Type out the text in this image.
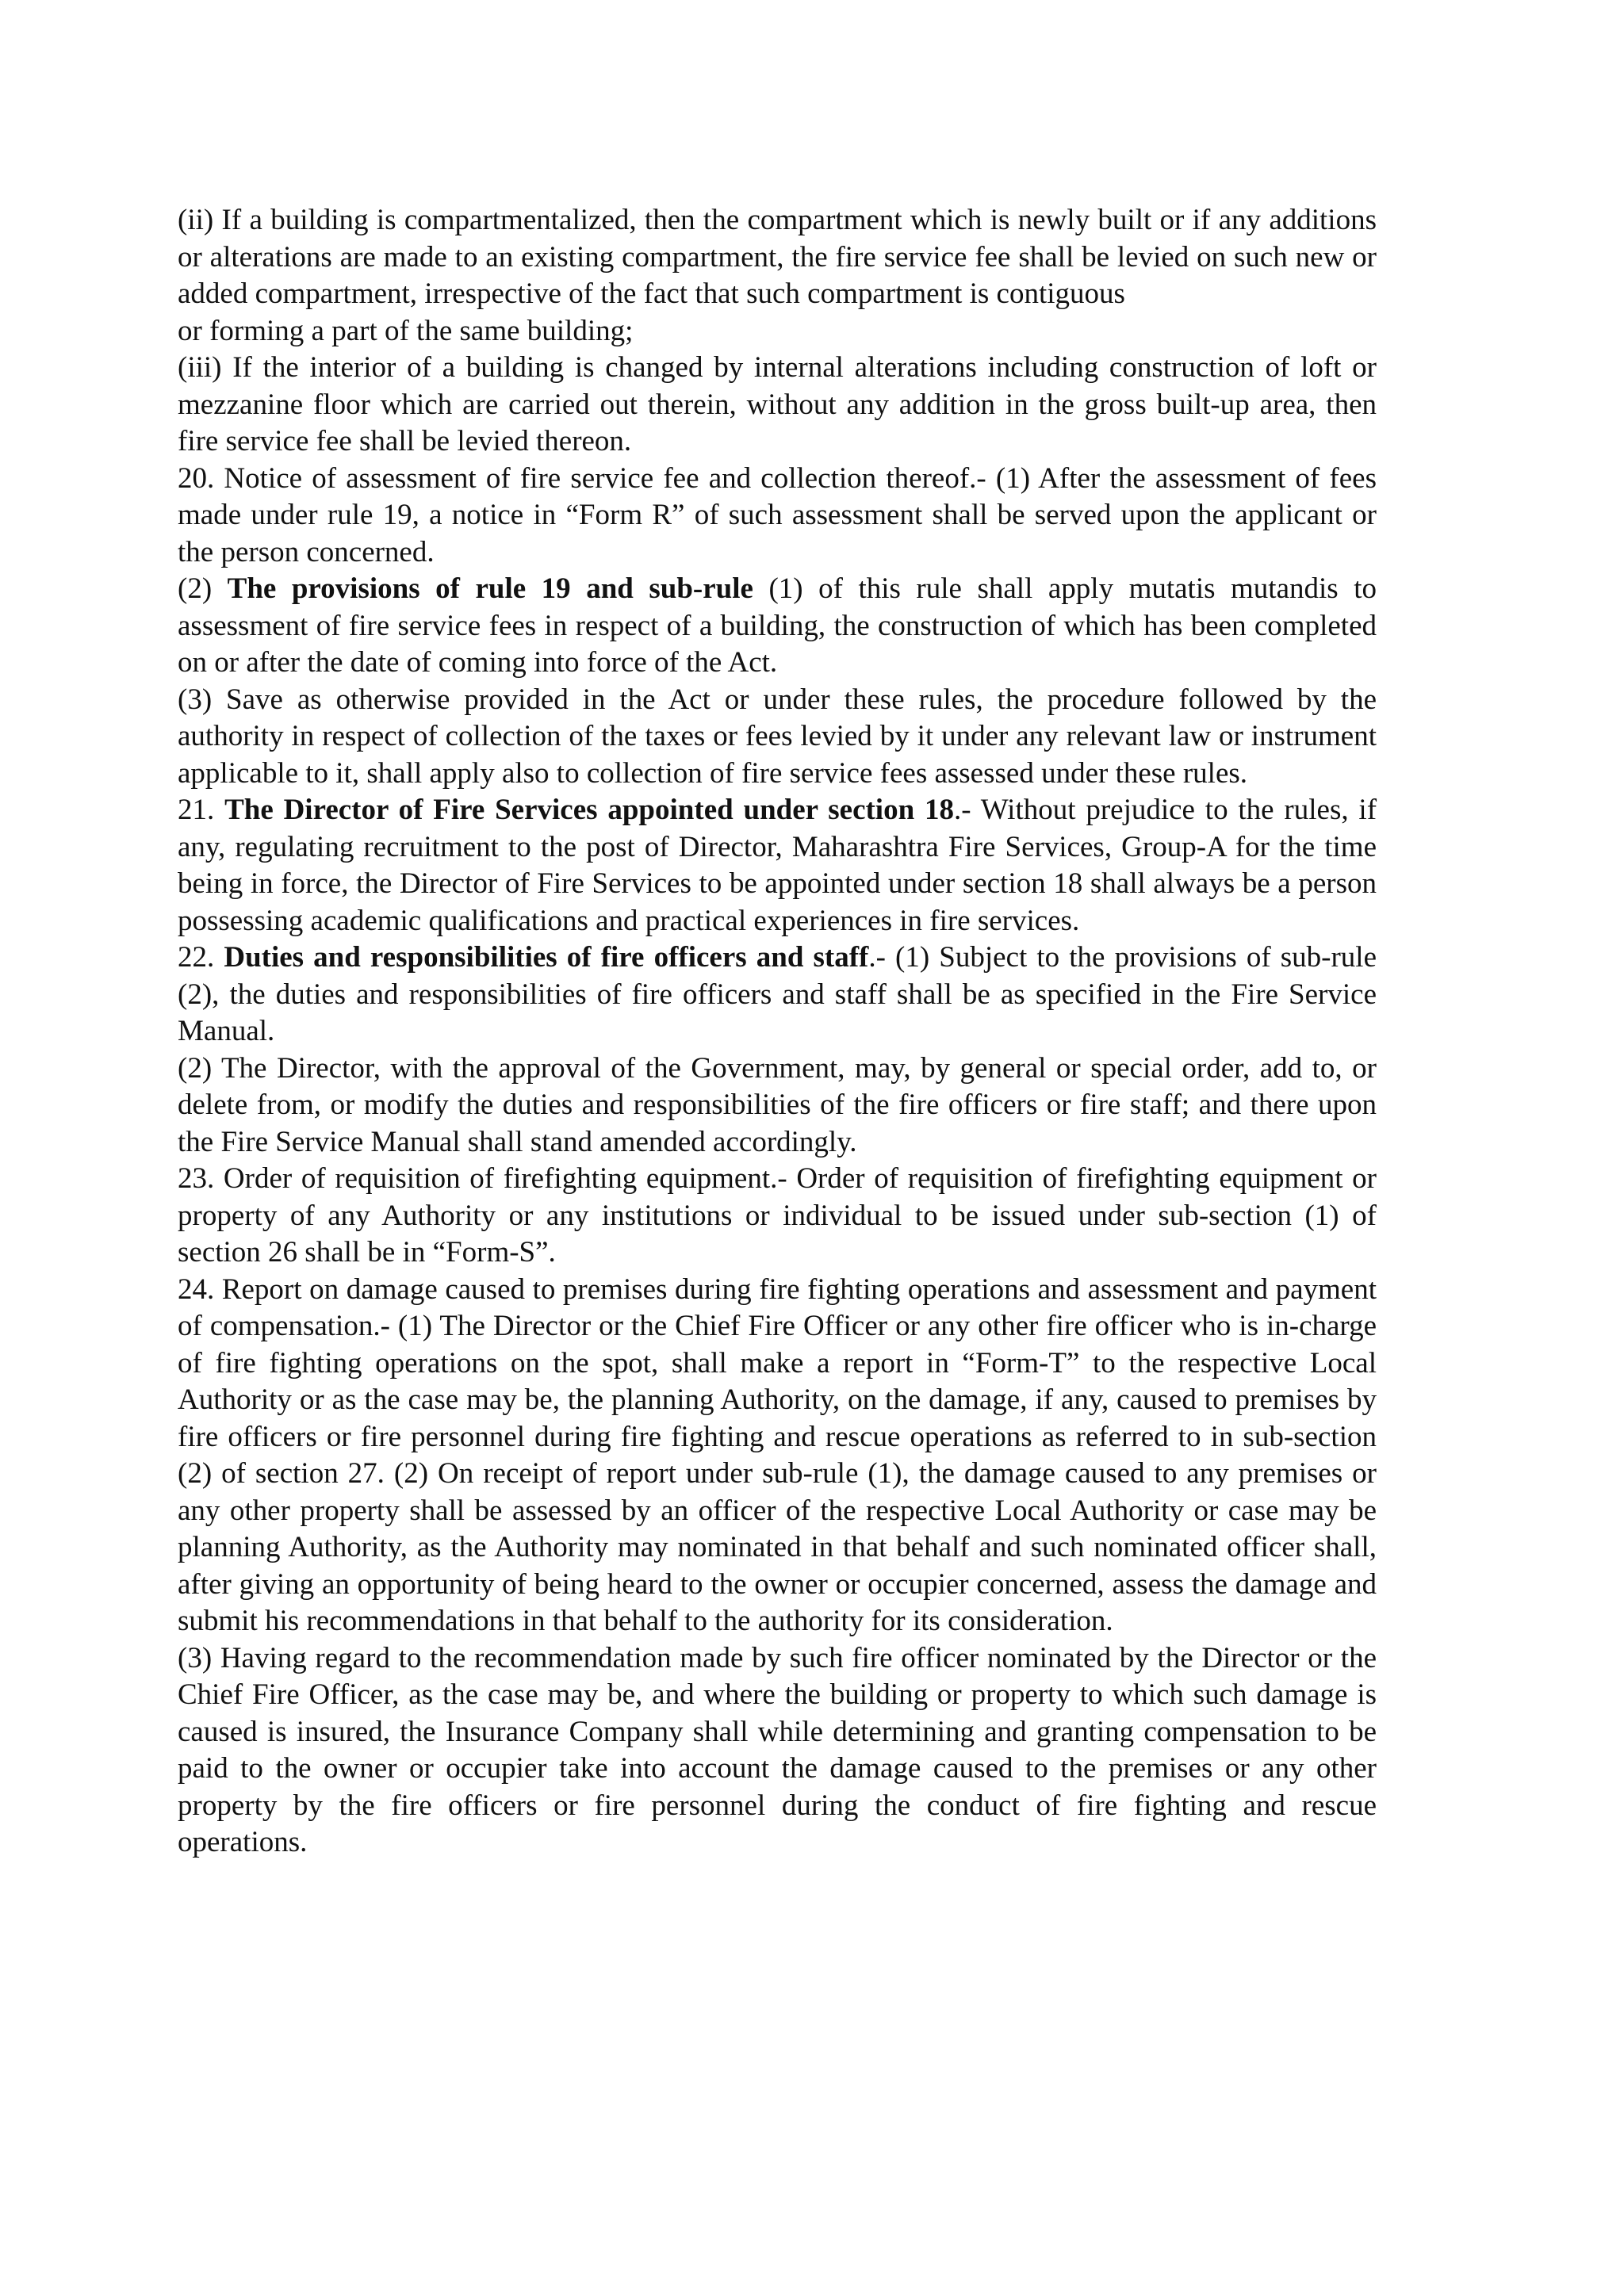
(ii) If a building is compartmentalized, then the compartment which is newly built or if any additions or alterations are made to an existing compartment, the fire service fee shall be levied on such new or added compartment, irrespective of the fact that such compartment is contiguous

or forming a part of the same building;

(iii) If the interior of a building is changed by internal alterations including construction of loft or mezzanine floor which are carried out therein, without any addition in the gross built-up area, then fire service fee shall be levied thereon.

20. Notice of assessment of fire service fee and collection thereof.- (1) After the assessment of fees made under rule 19, a notice in “Form R” of such assessment shall be served upon the applicant or the person concerned.

(2) The provisions of rule 19 and sub-rule (1) of this rule shall apply mutatis mutandis to assessment of fire service fees in respect of a building, the construction of which has been completed on or after the date of coming into force of the Act.

(3) Save as otherwise provided in the Act or under these rules, the procedure followed by the authority in respect of collection of the taxes or fees levied by it under any relevant law or instrument applicable to it, shall apply also to collection of fire service fees assessed under these rules.

21. The Director of Fire Services appointed under section 18.- Without prejudice to the rules, if any, regulating recruitment to the post of Director, Maharashtra Fire Services, Group-A for the time being in force, the Director of Fire Services to be appointed under section 18 shall always be a person possessing academic qualifications and practical experiences in fire services.

22. Duties and responsibilities of fire officers and staff.- (1) Subject to the provisions of sub-rule (2), the duties and responsibilities of fire officers and staff shall be as specified in the Fire Service Manual.

(2) The Director, with the approval of the Government, may, by general or special order, add to, or delete from, or modify the duties and responsibilities of the fire officers or fire staff; and there upon the Fire Service Manual shall stand amended accordingly.

23. Order of requisition of firefighting equipment.- Order of requisition of firefighting equipment or property of any Authority or any institutions or individual to be issued under sub-section (1) of section 26 shall be in “Form-S”.

24. Report on damage caused to premises during fire fighting operations and assessment and payment of compensation.- (1) The Director or the Chief Fire Officer or any other fire officer who is in-charge of fire fighting operations on the spot, shall make a report in “Form-T” to the respective Local Authority or as the case may be, the planning Authority, on the damage, if any, caused to premises by fire officers or fire personnel during fire fighting and rescue operations as referred to in sub-section (2) of section 27. (2) On receipt of report under sub-rule (1), the damage caused to any premises or any other property shall be assessed by an officer of the respective Local Authority or case may be planning Authority, as the Authority may nominated in that behalf and such nominated officer shall, after giving an opportunity of being heard to the owner or occupier concerned, assess the damage and submit his recommendations in that behalf to the authority for its consideration.

(3) Having regard to the recommendation made by such fire officer nominated by the Director or the Chief Fire Officer, as the case may be, and where the building or property to which such damage is caused is insured, the Insurance Company shall while determining and granting compensation to be paid to the owner or occupier take into account the damage caused to the premises or any other property by the fire officers or fire personnel during the conduct of fire fighting and rescue operations.
